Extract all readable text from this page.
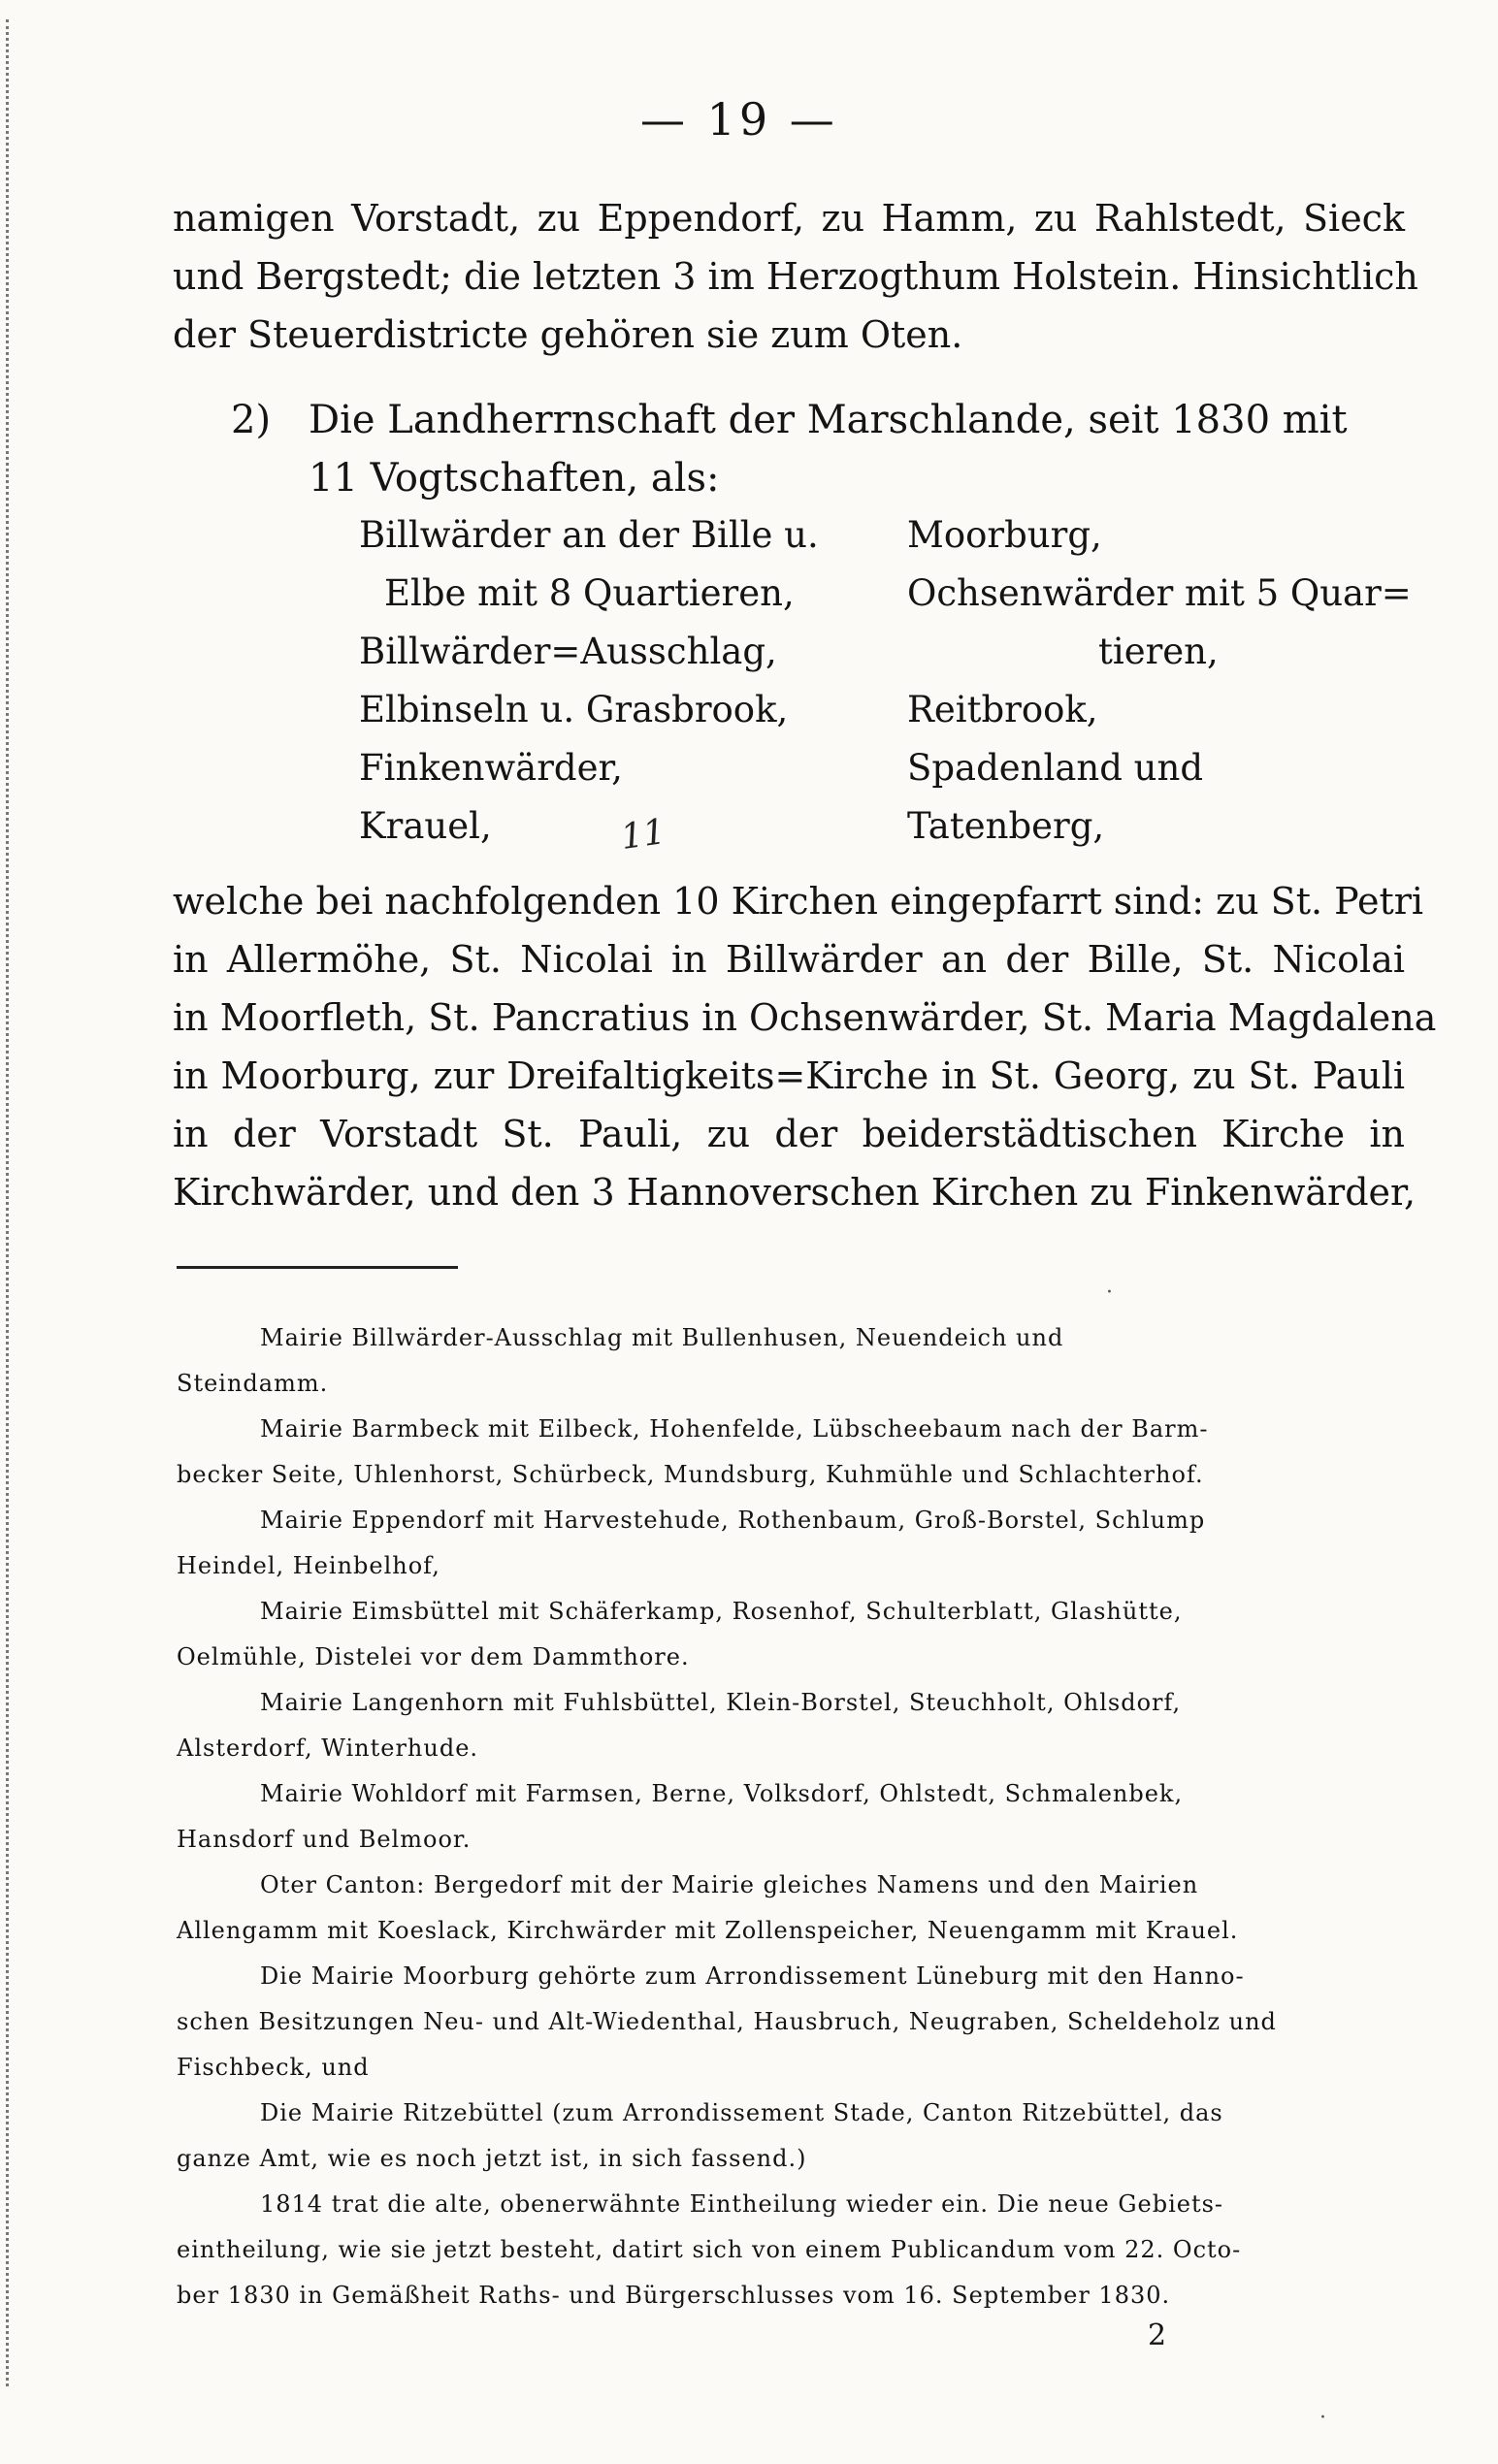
— 19 —
namigen Vorstadt, zu Eppendorf, zu Hamm, zu Rahlstedt, Sieck
und Bergstedt; die letzten 3 im Herzogthum Holstein. Hinsichtlich
der Steuerdistricte gehören sie zum Oten.
2) Die Landherrnschaft der Marschlande, seit 1830 mit
11 Vogtschaften, als:
Billwärder an der Bille u.
Elbe mit 8 Quartieren,
Billwärder=Ausschlag,
Elbinseln u. Grasbrook,
Finkenwärder,
Krauel,
Moorburg,
Ochsenwärder mit 5 Quar=
tieren,
Reitbrook,
Spadenland und
Tatenberg,
11
welche bei nachfolgenden 10 Kirchen eingepfarrt sind: zu St. Petri
in Allermöhe, St. Nicolai in Billwärder an der Bille, St. Nicolai
in Moorfleth, St. Pancratius in Ochsenwärder, St. Maria Magdalena
in Moorburg, zur Dreifaltigkeits=Kirche in St. Georg, zu St. Pauli
in der Vorstadt St. Pauli, zu der beiderstädtischen Kirche in
Kirchwärder, und den 3 Hannoverschen Kirchen zu Finkenwärder,
Mairie Billwärder-Ausschlag mit Bullenhusen, Neuendeich und
Steindamm.
Mairie Barmbeck mit Eilbeck, Hohenfelde, Lübscheebaum nach der Barm-
becker Seite, Uhlenhorst, Schürbeck, Mundsburg, Kuhmühle und Schlachterhof.
Mairie Eppendorf mit Harvestehude, Rothenbaum, Groß-Borstel, Schlump
Heindel, Heinbelhof,
Mairie Eimsbüttel mit Schäferkamp, Rosenhof, Schulterblatt, Glashütte,
Oelmühle, Distelei vor dem Dammthore.
Mairie Langenhorn mit Fuhlsbüttel, Klein-Borstel, Steuchholt, Ohlsdorf,
Alsterdorf, Winterhude.
Mairie Wohldorf mit Farmsen, Berne, Volksdorf, Ohlstedt, Schmalenbek,
Hansdorf und Belmoor.
Oter Canton: Bergedorf mit der Mairie gleiches Namens und den Mairien
Allengamm mit Koeslack, Kirchwärder mit Zollenspeicher, Neuengamm mit Krauel.
Die Mairie Moorburg gehörte zum Arrondissement Lüneburg mit den Hanno-
schen Besitzungen Neu- und Alt-Wiedenthal, Hausbruch, Neugraben, Scheldeholz und
Fischbeck, und
Die Mairie Ritzebüttel (zum Arrondissement Stade, Canton Ritzebüttel, das
ganze Amt, wie es noch jetzt ist, in sich fassend.)
1814 trat die alte, obenerwähnte Eintheilung wieder ein. Die neue Gebiets-
eintheilung, wie sie jetzt besteht, datirt sich von einem Publicandum vom 22. Octo-
ber 1830 in Gemäßheit Raths- und Bürgerschlusses vom 16. September 1830.
2
·
·
